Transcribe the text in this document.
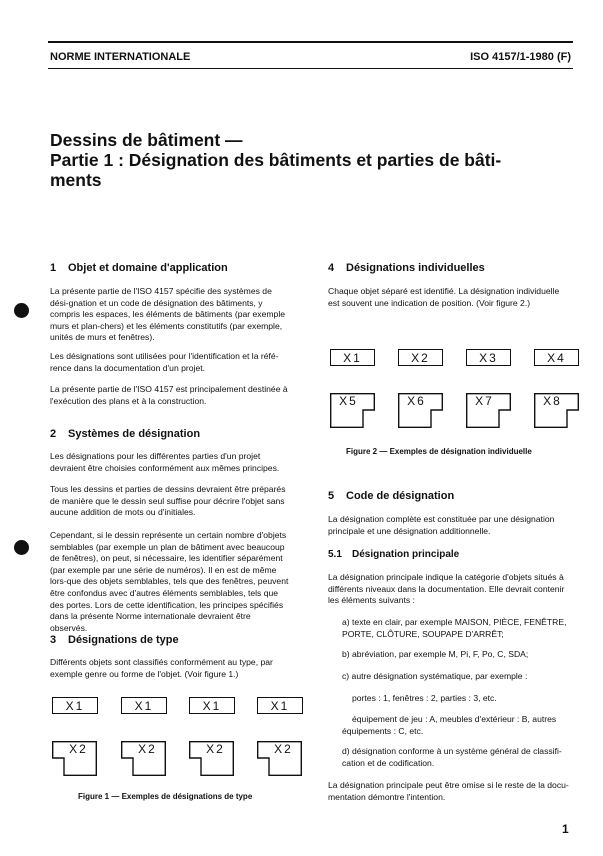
NORME INTERNATIONALE	ISO 4157/1-1980 (F)
Dessins de bâtiment —
Partie 1 : Désignation des bâtiments et parties de bâti-
ments
1 Objet et domaine d'application
La présente partie de l'ISO 4157 spécifie des systèmes de dési-gnation et un code de désignation des bâtiments, y compris les espaces, les éléments de bâtiments (par exemple murs et plan-chers) et les éléments constitutifs (par exemple, unités de murs et fenêtres).
Les désignations sont utilisées pour l'identification et la réfé-rence dans la documentation d'un projet.
La présente partie de l'ISO 4157 est principalement destinée à l'exécution des plans et à la construction.
2 Systèmes de désignation
Les désignations pour les différentes parties d'un projet devraient être choisies conformément aux mêmes principes.
Tous les dessins et parties de dessins devraient être préparés de manière que le dessin seul suffise pour décrire l'objet sans aucune addition de mots ou d'initiales.
Cependant, si le dessin représente un certain nombre d'objets semblables (par exemple un plan de bâtiment avec beaucoup de fenêtres), on peut, si nécessaire, les identifier séparément (par exemple par une série de numéros). Il en est de même lors-que des objets semblables, tels que des fenêtres, peuvent être confondus avec d'autres éléments semblables, tels que des portes. Lors de cette identification, les principes spécifiés dans la présente Norme internationale devraient être observés.
3 Désignations de type
Différents objets sont classifiés conformément au type, par exemple genre ou forme de l'objet. (Voir figure 1.)
X1	X1	X1	X1
X2	X2	X2	X2
Figure 1 — Exemples de désignations de type
4 Désignations individuelles
Chaque objet séparé est identifié. La désignation individuelle est souvent une indication de position. (Voir figure 2.)
X1	X2	X3	X4
X5	X6	X7	X8
Figure 2 — Exemples de désignation individuelle
5 Code de désignation
La désignation complète est constituée par une désignation principale et une désignation additionnelle.
5.1 Désignation principale
La désignation principale indique la catégorie d'objets situés à différents niveaux dans la documentation. Elle devrait contenir les éléments suivants :
a) texte en clair, par exemple MAISON, PIÈCE, FENÊTRE, PORTE, CLÔTURE, SOUPAPE D'ARRÊT;
b) abréviation, par exemple M, Pi, F, Po, C, SDA;
c) autre désignation systématique, par exemple :
portes : 1, fenêtres : 2, parties : 3, etc.
équipement de jeu : A, meubles d'extérieur : B, autres équipements : C, etc.
d) désignation conforme à un système général de classifi-cation et de codification.
La désignation principale peut être omise si le reste de la docu-mentation démontre l'intention.
1
